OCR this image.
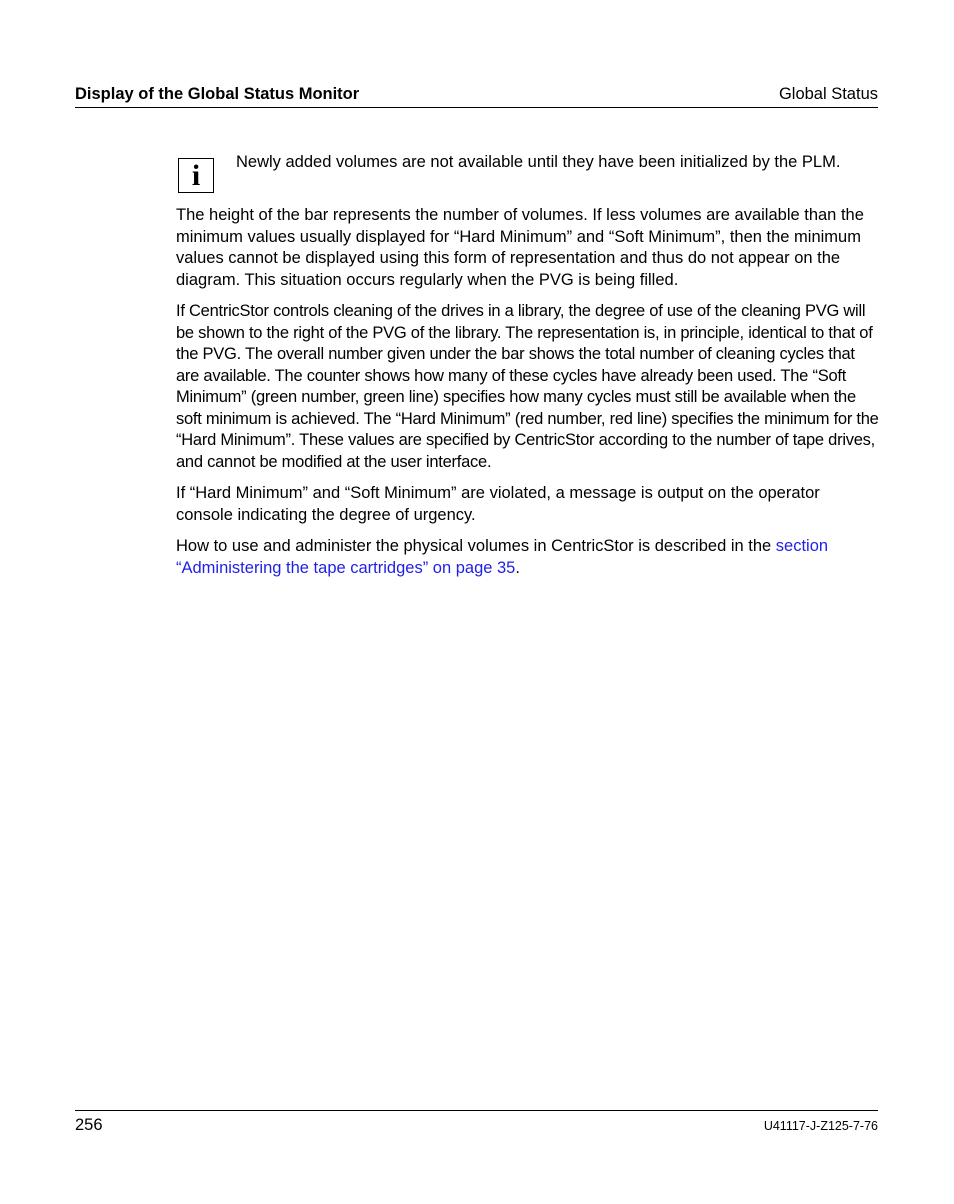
Display of the Global Status Monitor	Global Status
i Newly added volumes are not available until they have been initialized by the PLM.

The height of the bar represents the number of volumes. If less volumes are available than the minimum values usually displayed for “Hard Minimum” and “Soft Minimum”, then the minimum values cannot be displayed using this form of representation and thus do not appear on the diagram. This situation occurs regularly when the PVG is being filled.

If CentricStor controls cleaning of the drives in a library, the degree of use of the cleaning PVG will be shown to the right of the PVG of the library. The representation is, in principle, identical to that of the PVG. The overall number given under the bar shows the total number of cleaning cycles that are available. The counter shows how many of these cycles have already been used. The “Soft Minimum” (green number, green line) specifies how many cycles must still be available when the soft minimum is achieved. The “Hard Minimum” (red number, red line) specifies the minimum for the “Hard Minimum”. These values are specified by CentricStor according to the number of tape drives, and cannot be modified at the user interface.

If “Hard Minimum” and “Soft Minimum” are violated, a message is output on the operator console indicating the degree of urgency.

How to use and administer the physical volumes in CentricStor is described in the section “Administering the tape cartridges” on page 35.

256	U41117-J-Z125-7-76
